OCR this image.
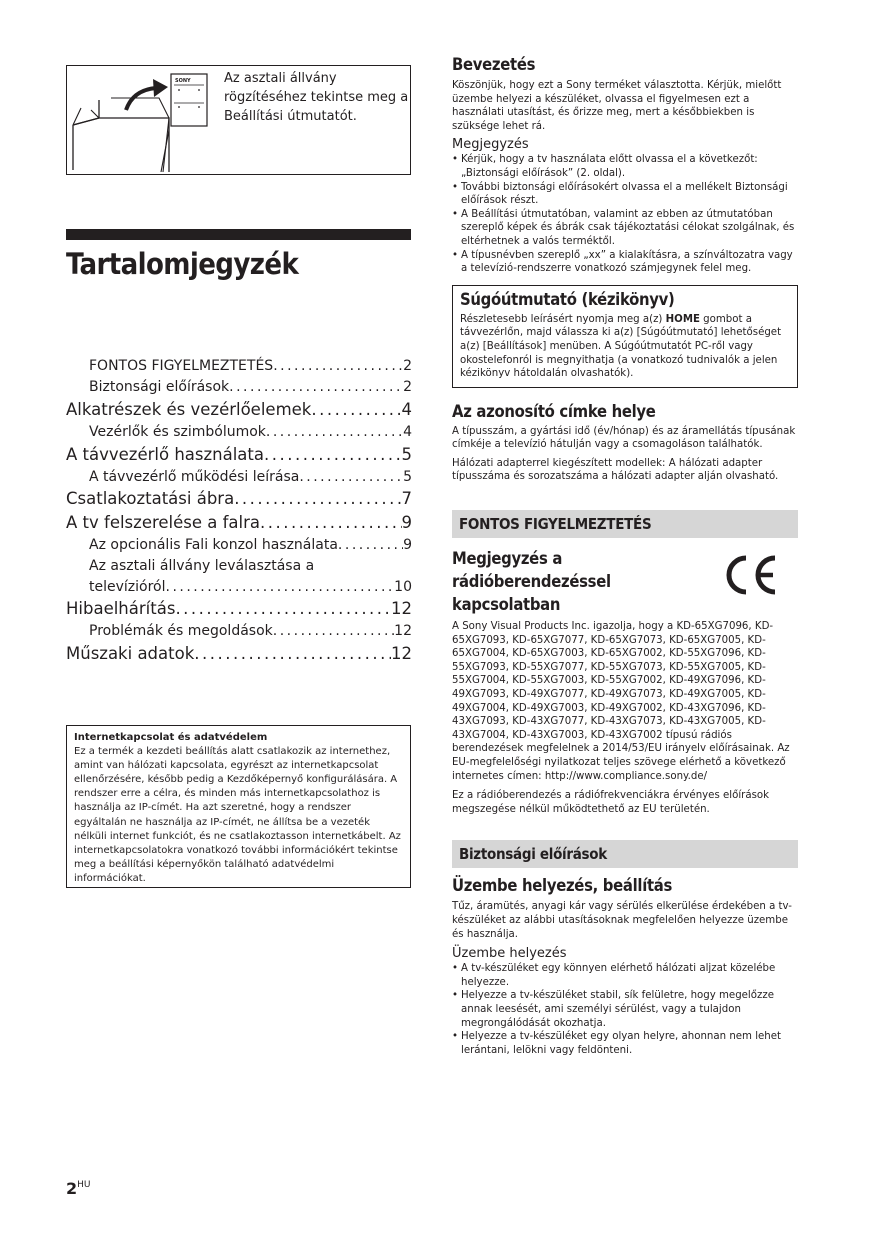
SONY	Az asztali állvány rögzítéséhez tekintse meg a Beállítási útmutatót.
Tartalomjegyzék
FONTOS FIGYELMEZTETÉS .....	2
Biztonsági előírások .....	2
Alkatrészek és vezérlőelemek .....	4
Vezérlők és szimbólumok .....	4
A távvezérlő használata .....	5
A távvezérlő működési leírása .....	5
Csatlakoztatási ábra .....	7
A tv felszerelése a falra .....	9
Az opcionális Fali konzol használata .....	9
Az asztali állvány leválasztása a
televízióról .....	10
Hibaelhárítás .....	12
Problémák és megoldások .....	12
Műszaki adatok .....	12
Internetkapcsolat és adatvédelem
Ez a termék a kezdeti beállítás alatt csatlakozik az internethez, amint van hálózati kapcsolata, egyrészt az internetkapcsolat ellenőrzésére, később pedig a Kezdőképernyő konfigurálására. A rendszer erre a célra, és minden más internetkapcsolathoz is használja az IP-címét. Ha azt szeretné, hogy a rendszer egyáltalán ne használja az IP-címét, ne állítsa be a vezeték nélküli internet funkciót, és ne csatlakoztasson internetkábelt. Az internetkapcsolatokra vonatkozó további információkért tekintse meg a beállítási képernyőkön található adatvédelmi információkat.
Bevezetés
Köszönjük, hogy ezt a Sony terméket választotta. Kérjük, mielőtt üzembe helyezi a készüléket, olvassa el figyelmesen ezt a használati utasítást, és őrizze meg, mert a későbbiekben is szüksége lehet rá.
Megjegyzés
• Kérjük, hogy a tv használata előtt olvassa el a következőt: „Biztonsági előírások” (2. oldal).
• További biztonsági előírásokért olvassa el a mellékelt Biztonsági előírások részt.
• A Beállítási útmutatóban, valamint az ebben az útmutatóban szereplő képek és ábrák csak tájékoztatási célokat szolgálnak, és eltérhetnek a valós terméktől.
• A típusnévben szereplő „xx” a kialakításra, a színváltozatra vagy a televízió-rendszerre vonatkozó számjegynek felel meg.
Súgóútmutató (kézikönyv)
Részletesebb leírásért nyomja meg a(z) HOME gombot a távvezérlőn, majd válassza ki a(z) [Súgóútmutató] lehetőséget a(z) [Beállítások] menüben. A Súgóútmutatót PC-ről vagy okostelefonról is megnyithatja (a vonatkozó tudnivalók a jelen kézikönyv hátoldalán olvashatók).
Az azonosító címke helye
A típusszám, a gyártási idő (év/hónap) és az áramellátás típusának címkéje a televízió hátulján vagy a csomagoláson találhatók.
Hálózati adapterrel kiegészített modellek: A hálózati adapter típusszáma és sorozatszáma a hálózati adapter alján olvasható.
FONTOS FIGYELMEZTETÉS
Megjegyzés a rádióberendezéssel kapcsolatban
A Sony Visual Products Inc. igazolja, hogy a KD-65XG7096, KD-65XG7093, KD-65XG7077, KD-65XG7073, KD-65XG7005, KD-65XG7004, KD-65XG7003, KD-65XG7002, KD-55XG7096, KD-55XG7093, KD-55XG7077, KD-55XG7073, KD-55XG7005, KD-55XG7004, KD-55XG7003, KD-55XG7002, KD-49XG7096, KD-49XG7093, KD-49XG7077, KD-49XG7073, KD-49XG7005, KD-49XG7004, KD-49XG7003, KD-49XG7002, KD-43XG7096, KD-43XG7093, KD-43XG7077, KD-43XG7073, KD-43XG7005, KD-43XG7004, KD-43XG7003, KD-43XG7002 típusú rádiós berendezések megfelelnek a 2014/53/EU irányelv előírásainak. Az EU-megfelelőségi nyilatkozat teljes szövege elérhető a következő internetes címen: http://www.compliance.sony.de/
Ez a rádióberendezés a rádiófrekvenciákra érvényes előírások megszegése nélkül működtethető az EU területén.
Biztonsági előírások
Üzembe helyezés, beállítás
Tűz, áramütés, anyagi kár vagy sérülés elkerülése érdekében a tv-készüléket az alábbi utasításoknak megfelelően helyezze üzembe és használja.
Üzembe helyezés
• A tv-készüléket egy könnyen elérhető hálózati aljzat közelébe helyezze.
• Helyezze a tv-készüléket stabil, sík felületre, hogy megelőzze annak leesését, ami személyi sérülést, vagy a tulajdon megrongálódását okozhatja.
• Helyezze a tv-készüléket egy olyan helyre, ahonnan nem lehet lerántani, lelökni vagy feldönteni.
$2^{HU}$
